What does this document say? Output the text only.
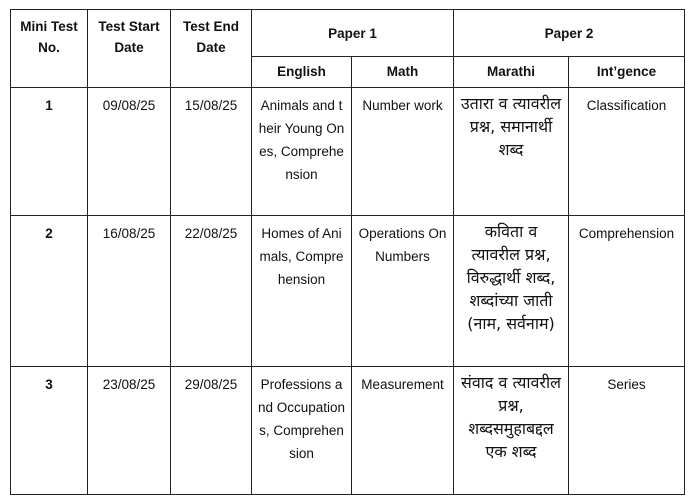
Mini Test No.	Test Start Date	Test End Date	Paper 1		Paper 2	
			English	Math	Marathi	Int’gence
1	09/08/25	15/08/25	Animals and their Young Ones, Comprehension	Number work	उतारा व त्यावरील प्रश्न, समानार्थी शब्द	Classification
2	16/08/25	22/08/25	Homes of Animals, Comprehension	Operations On Numbers	कविता व त्यावरील प्रश्न, विरुद्धार्थी शब्द, शब्दांच्या जाती (नाम, सर्वनाम)	Comprehension
3	23/08/25	29/08/25	Professions and Occupations, Comprehension	Measurement	संवाद व त्यावरील प्रश्न, शब्दसमुहाबद्दल एक शब्द	Series
